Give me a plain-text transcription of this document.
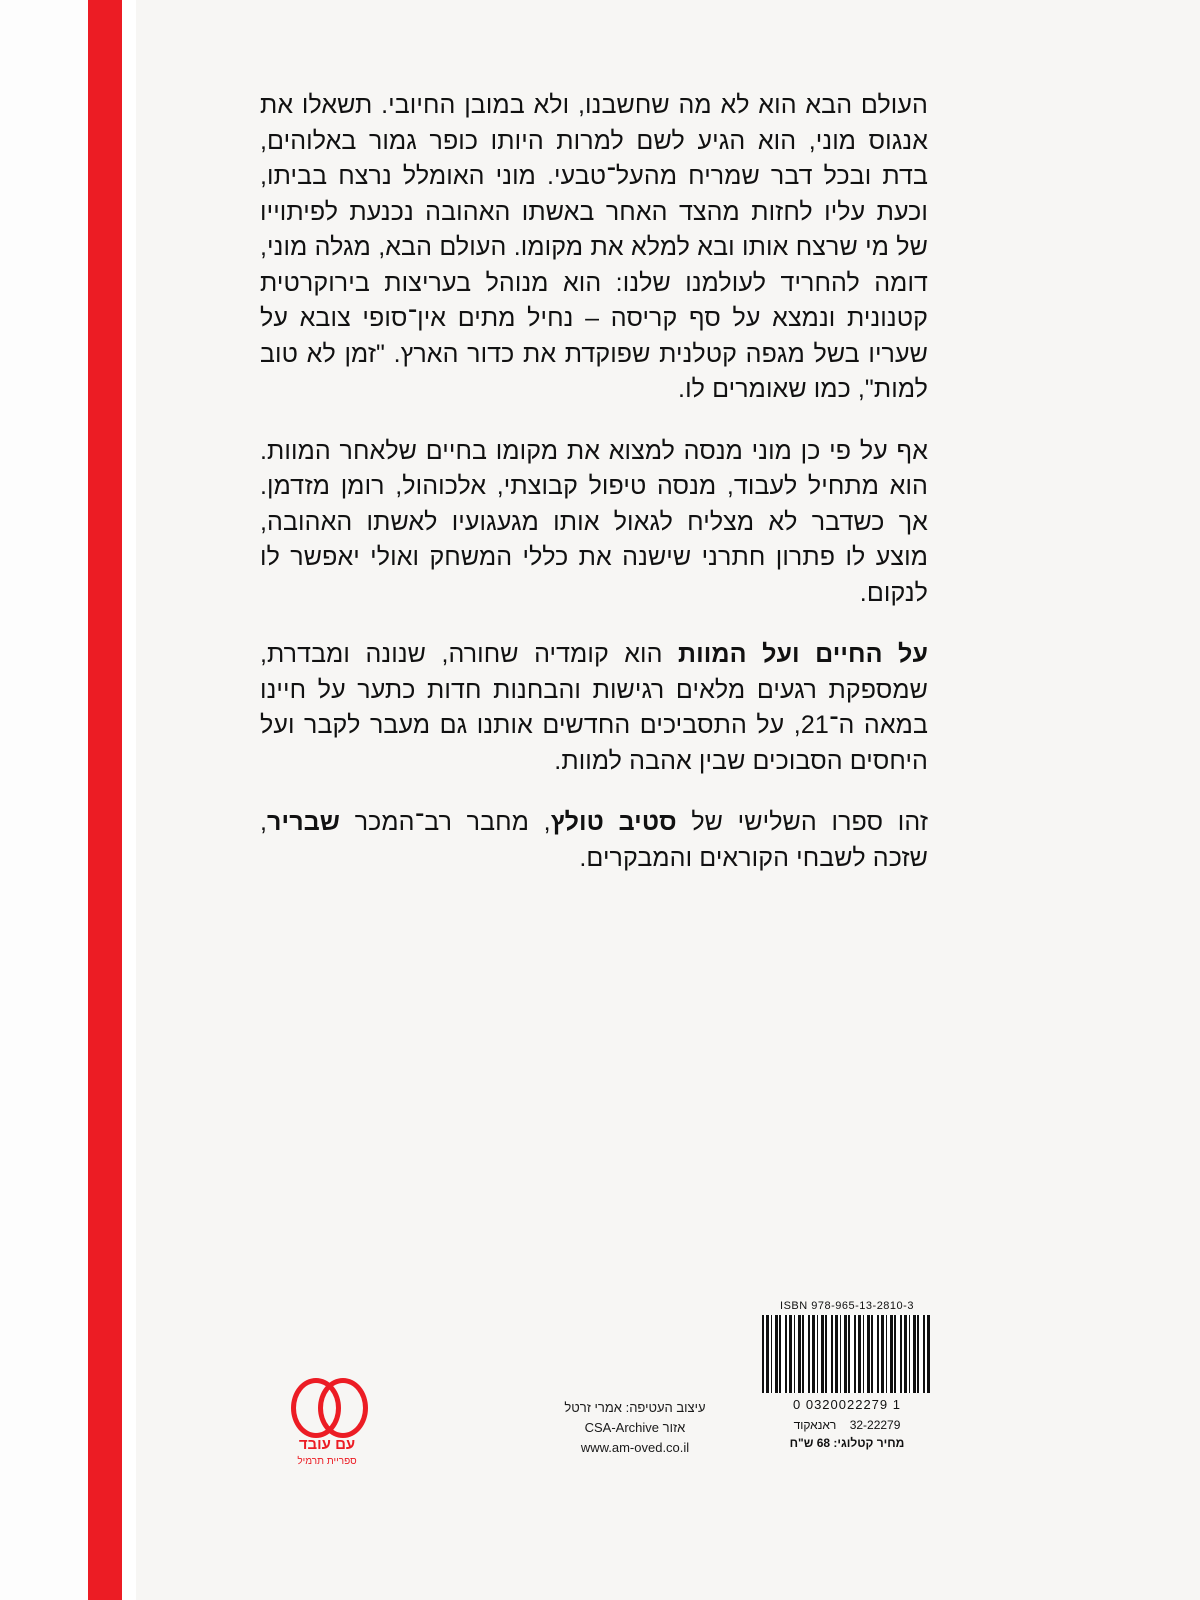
העולם הבא הוא לא מה שחשבנו, ולא במובן החיובי. תשאלו את אנגוס מוני, הוא הגיע לשם למרות היותו כופר גמור באלוהים, בדת ובכל דבר שמריח מהעל־טבעי. מוני האומלל נרצח בביתו, וכעת עליו לחזות מהצד האחר באשתו האהובה נכנעת לפיתוייו של מי שרצח אותו ובא למלא את מקומו. העולם הבא, מגלה מוני, דומה להחריד לעולמנו שלנו: הוא מנוהל בעריצות בירוקרטית קטנונית ונמצא על סף קריסה – נחיל מתים אין־סופי צובא על שעריו בשל מגפה קטלנית שפוקדת את כדור הארץ. "זמן לא טוב למות", כמו שאומרים לו.

אף על פי כן מוני מנסה למצוא את מקומו בחיים שלאחר המוות. הוא מתחיל לעבוד, מנסה טיפול קבוצתי, אלכוהול, רומן מזדמן. אך כשדבר לא מצליח לגאול אותו מגעגועיו לאשתו האהובה, מוצע לו פתרון חתרני שישנה את כללי המשחק ואולי יאפשר לו לנקום.

על החיים ועל המוות הוא קומדיה שחורה, שנונה ומבדרת, שמספקת רגעים מלאים רגישות והבחנות חדות כתער על חיינו במאה ה־21, על התסביכים החדשים אותנו גם מעבר לקבר ועל היחסים הסבוכים שבין אהבה למוות.

זהו ספרו השלישי של סטיב טולץ, מחבר רב־המכר שבריר, שזכה לשבחי הקוראים והמבקרים.

עם עובד
ספריית תרמיל
עיצוב העטיפה: אמרי זרטל
אזור CSA-Archive
www.am-oved.co.il
ISBN 978-965-13-2810-3
0 0320022279 1
32-22279    ראנאקוד
מחיר קטלוגי: 68 ש"ח
